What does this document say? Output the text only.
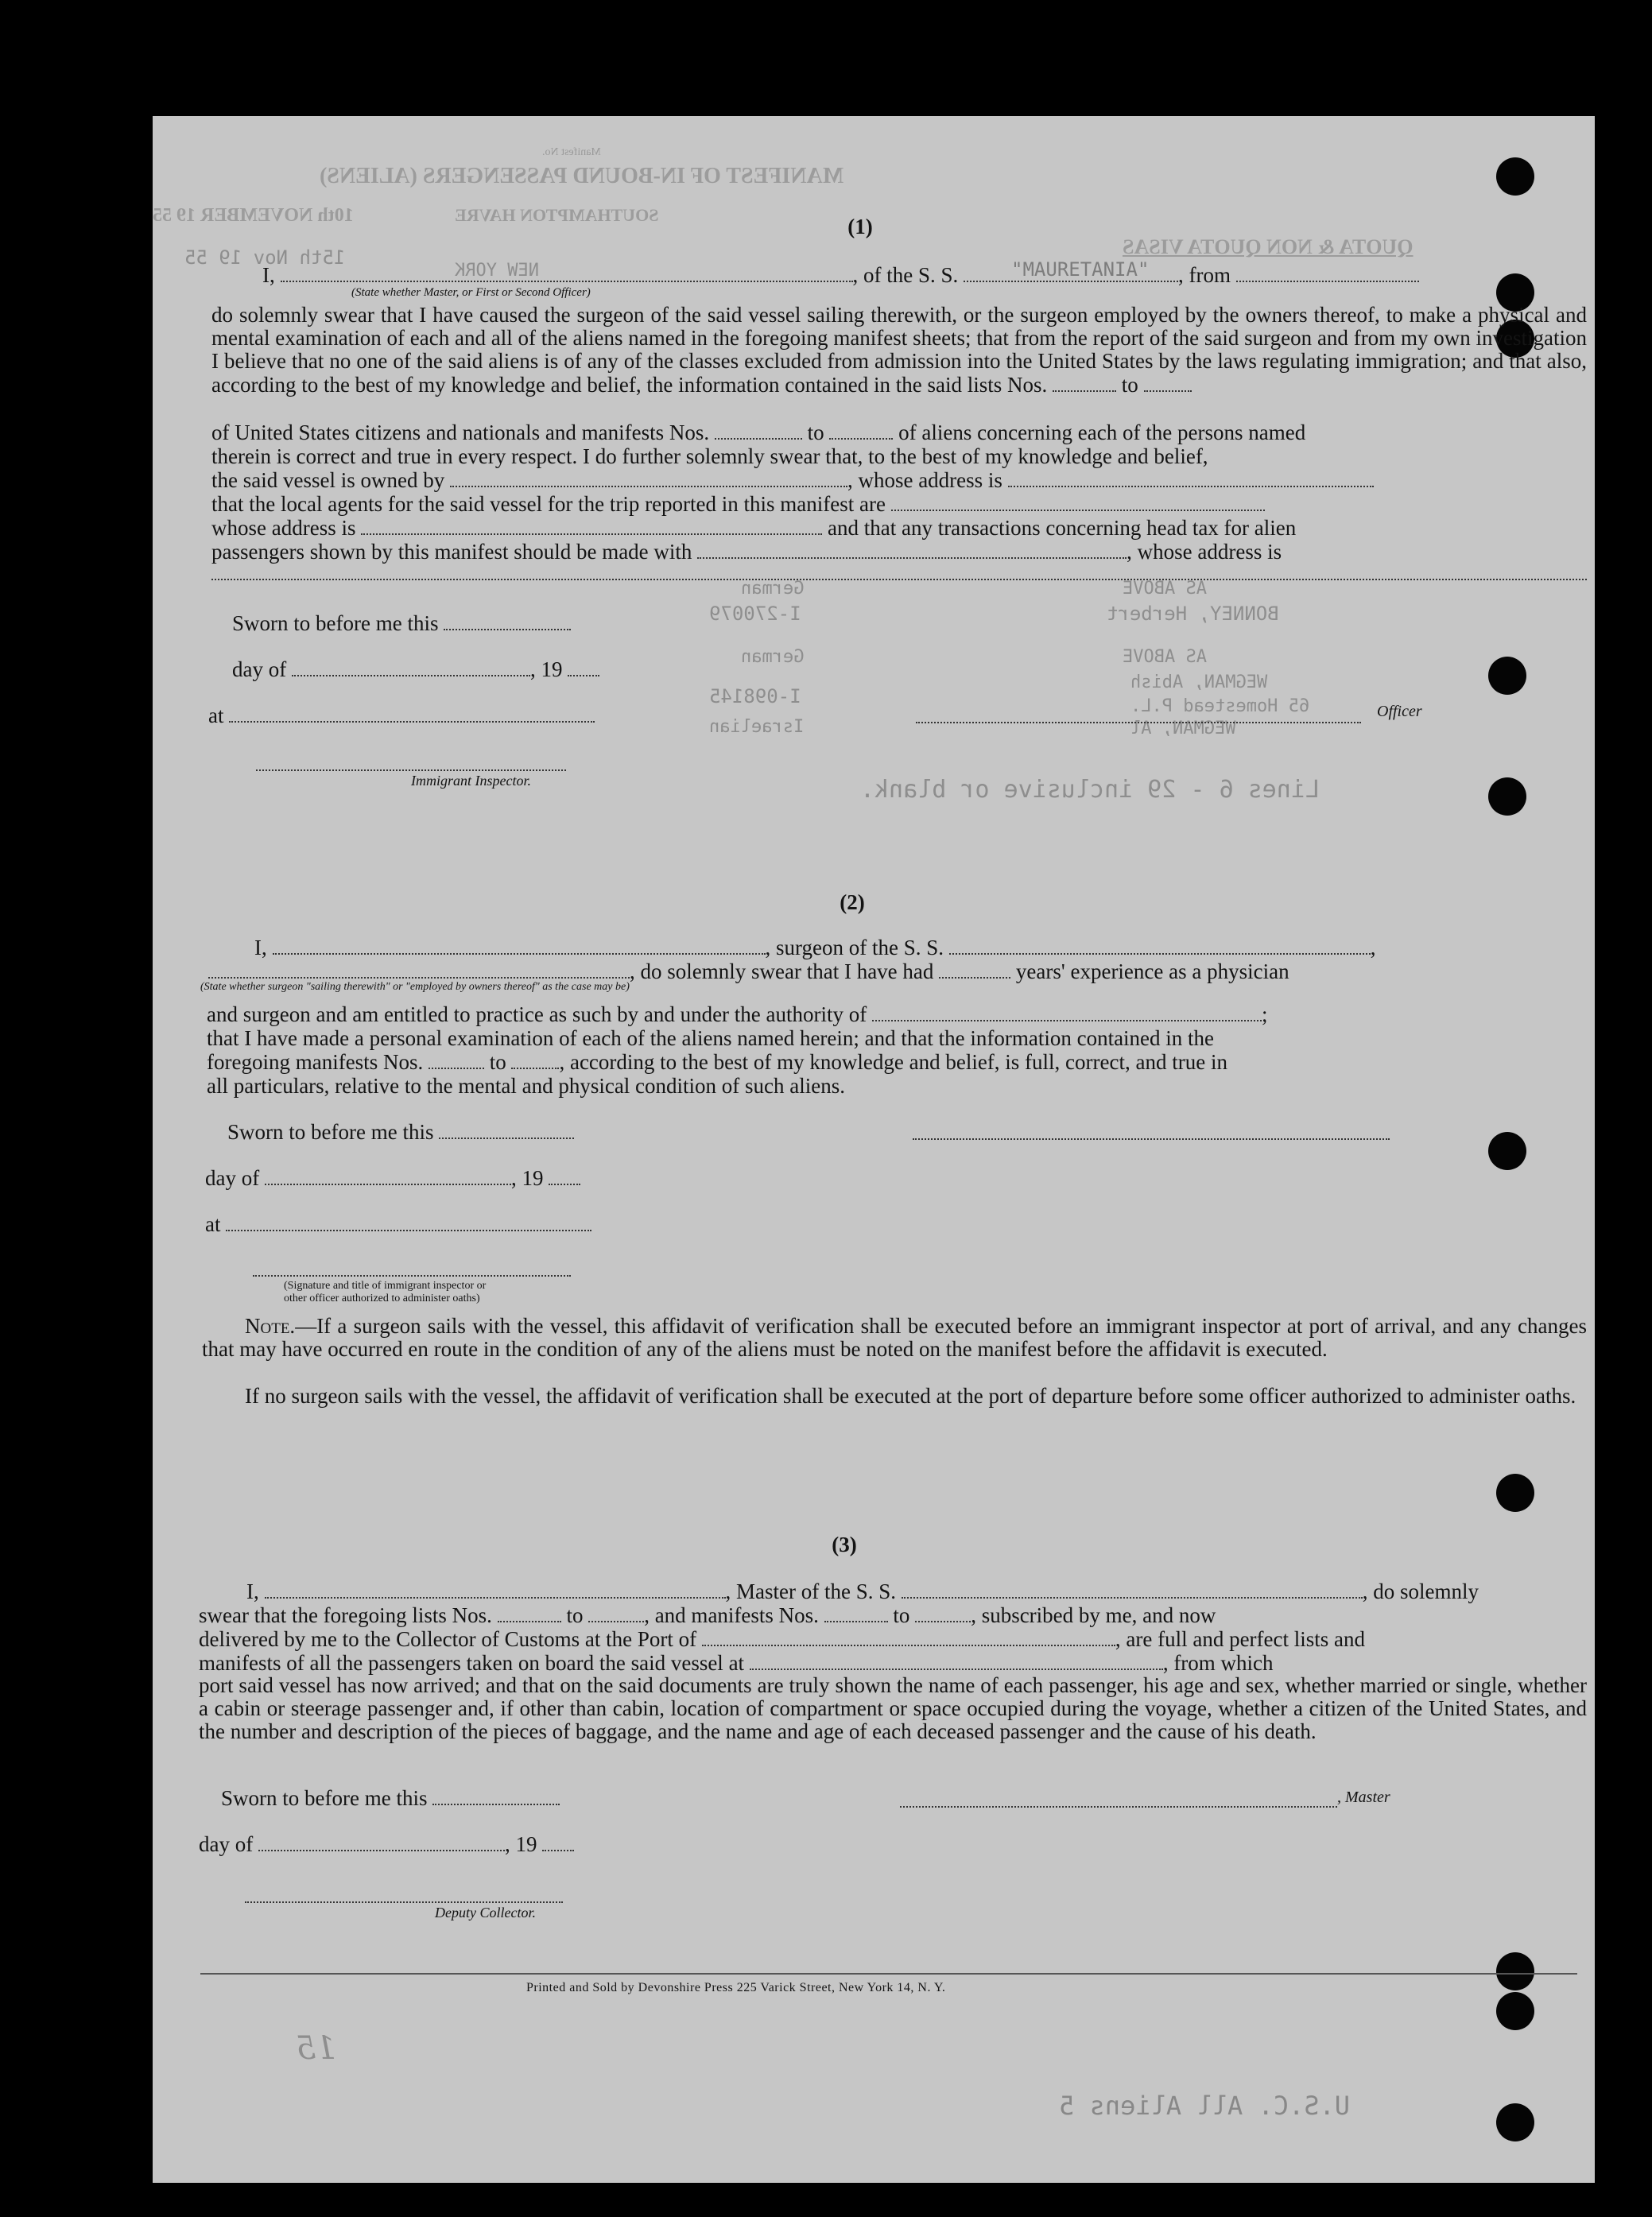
Manifest No.
MANIFEST OF IN-BOUND PASSENGERS (ALIENS)
10th NOVEMBER 19 55	SOUTHAMPTON HAVRE
QUOTA & NON QUOTA VISAS
15th Nov 19 55
NEW YORK
BONNEY, Herbert
AS ABOVE
I-270079
German
AS ABOVE
WEGMAN, Abish
65 Homestead P.L.
I-098145
German
WEGMAN, Al
Israelian
Lines 6 - 29 inclusive or blank.
U.S.C. All Aliens 5
15
(1)
I,	, of the S. S.	"MAURETANIA" , from
(State whether Master, or First or Second Officer)
do solemnly swear that I have caused the surgeon of the said vessel sailing therewith, or the surgeon employed by the owners thereof, to make a physical and mental examination of each and all of the aliens named in the foregoing manifest sheets; that from the report of the said surgeon and from my own investigation I believe that no one of the said aliens is of any of the classes excluded from admission into the United States by the laws regulating immigration; and that also, according to the best of my knowledge and belief, the information contained in the said lists Nos.	to
of United States citizens and nationals and manifests Nos.	to	of aliens concerning each of the persons named
therein is correct and true in every respect. I do further solemnly swear that, to the best of my knowledge and belief,
the said vessel is owned by	, whose address is
that the local agents for the said vessel for the trip reported in this manifest are
whose address is	and that any transactions concerning head tax for alien
passengers shown by this manifest should be made with	, whose address is
Sworn to before me this
day of	, 19
at	Officer
Immigrant Inspector.
(2)
I,	, surgeon of the S. S.	,
, do solemnly swear that I have had	years' experience as a physician
(State whether surgeon "sailing therewith" or "employed by owners thereof" as the case may be)
and surgeon and am entitled to practice as such by and under the authority of	;
that I have made a personal examination of each of the aliens named herein; and that the information contained in the
foregoing manifests Nos.	to , according to the best of my knowledge and belief, is full, correct, and true in
all particulars, relative to the mental and physical condition of such aliens.
Sworn to before me this
day of	, 19
at
(Signature and title of immigrant inspector or
other officer authorized to administer oaths)
Note.—If a surgeon sails with the vessel, this affidavit of verification shall be executed before an immigrant inspector at port of arrival, and any changes that may have occurred en route in the condition of any of the aliens must be noted on the manifest before the affidavit is executed.
If no surgeon sails with the vessel, the affidavit of verification shall be executed at the port of departure before some officer authorized to administer oaths.
(3)
I,	, Master of the S. S.	, do solemnly
swear that the foregoing lists Nos.	to	, and manifests Nos.	to	, subscribed by me, and now
delivered by me to the Collector of Customs at the Port of	, are full and perfect lists and
manifests of all the passengers taken on board the said vessel at	, from which
port said vessel has now arrived; and that on the said documents are truly shown the name of each passenger, his age and sex, whether married or single, whether a cabin or steerage passenger and, if other than cabin, location of compartment or space occupied during the voyage, whether a citizen of the United States, and the number and description of the pieces of baggage, and the name and age of each deceased passenger and the cause of his death.
Sworn to before me this	, Master
day of	, 19
Deputy Collector.
Printed and Sold by Devonshire Press 225 Varick Street, New York 14, N. Y.
